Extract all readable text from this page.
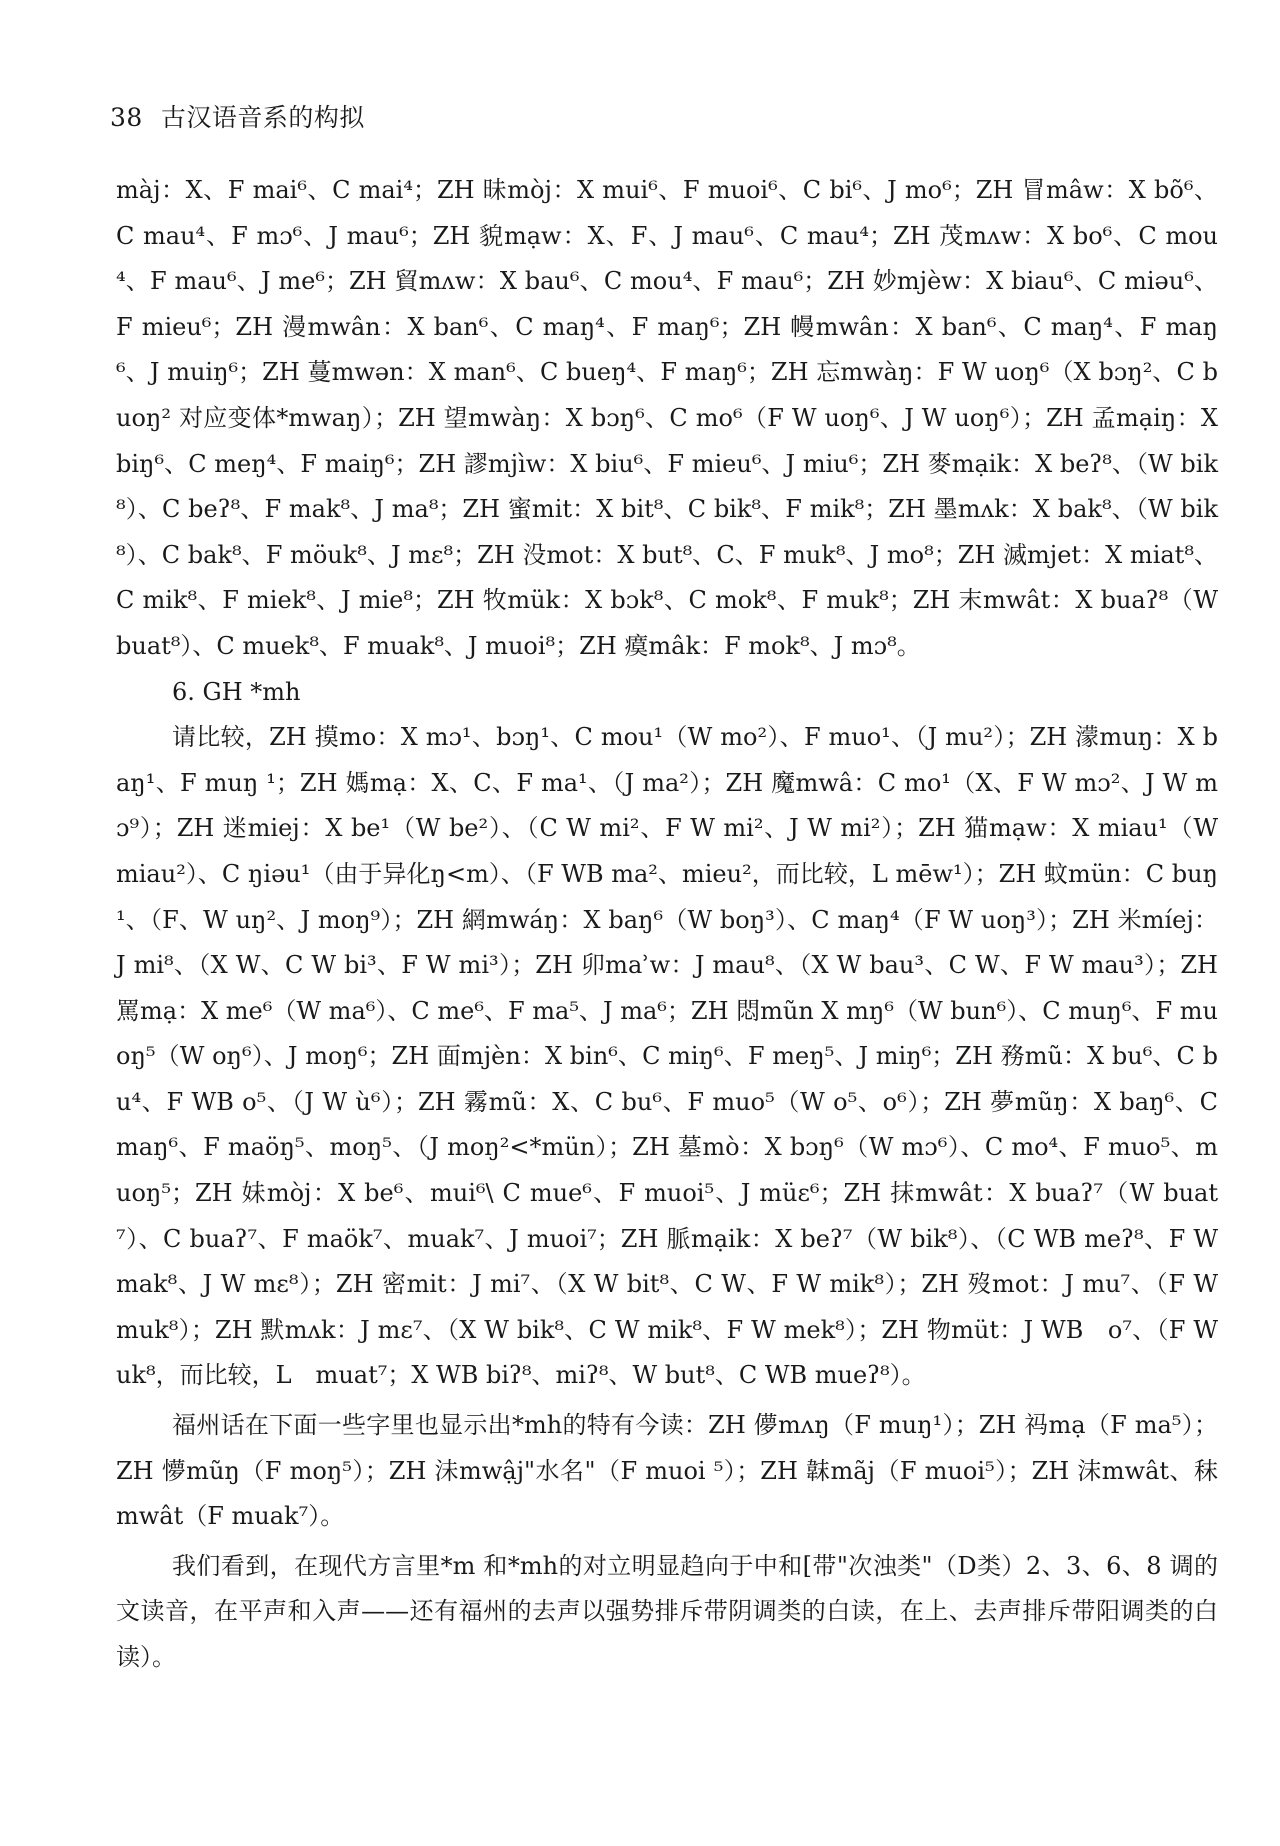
38 古汉语音系的构拟

màj：X、F mai⁶、C mai⁴；ZH 昧mòj：X mui⁶、F muoi⁶、C bi⁶、J mo⁶；ZH 冒mâw：X bõ⁶、C mau⁴、F mɔ⁶、J mau⁶；ZH 貌mạw：X、F、J mau⁶、C mau⁴；ZH 茂mʌw：X bo⁶、C mou⁴、F mau⁶、J me⁶；ZH 貿mʌw：X bau⁶、C mou⁴、F mau⁶；ZH 妙mjèw：X biau⁶、C miəu⁶、F mieu⁶；ZH 漫mwân：X ban⁶、C maŋ⁴、F maŋ⁶；ZH 幔mwân：X ban⁶、C maŋ⁴、F maŋ⁶、J muiŋ⁶；ZH 蔓mwən：X man⁶、C bueŋ⁴、F maŋ⁶；ZH 忘mwàŋ：F W uoŋ⁶（X bɔŋ²、C buoŋ² 对应变体*mwaŋ）；ZH 望mwàŋ：X bɔŋ⁶、C mo⁶（F W uoŋ⁶、J W uoŋ⁶）；ZH 孟mạiŋ：X biŋ⁶、C meŋ⁴、F maiŋ⁶；ZH 謬mjìw：X biu⁶、F mieu⁶、J miu⁶；ZH 麥mạik：X beʔ⁸、（W bik⁸）、C beʔ⁸、F mak⁸、J ma⁸；ZH 蜜mit：X bit⁸、C bik⁸、F mik⁸；ZH 墨mʌk：X bak⁸、（W bik⁸）、C bak⁸、F möuk⁸、J mɛ⁸；ZH 没mot：X but⁸、C、F muk⁸、J mo⁸；ZH 滅mjet：X miat⁸、C mik⁸、F miek⁸、J mie⁸；ZH 牧mük：X bɔk⁸、C mok⁸、F muk⁸；ZH 末mwât：X buaʔ⁸（W buat⁸）、C muek⁸、F muak⁸、J muoi⁸；ZH 瘼mâk：F mok⁸、J mɔ⁸。

6. GH *mh

请比较，ZH 摸mo：X mɔ¹、bɔŋ¹、C mou¹（W mo²）、F muo¹、（J mu²）；ZH 濛muŋ：X baŋ¹、F muŋ ¹；ZH 媽mạ：X、C、F ma¹、（J ma²）；ZH 魔mwâ：C mo¹（X、F W mɔ²、J W mɔ⁹）；ZH 迷miej：X be¹（W be²）、（C W mi²、F W mi²、J W mi²）；ZH 猫mạw：X miau¹（W miau²）、C ŋiəu¹（由于异化ŋ<m）、（F WB ma²、mieu²，而比较，L mēw¹）；ZH 蚊mün：C buŋ¹、（F、W uŋ²、J moŋ⁹）；ZH 網mwáŋ：X baŋ⁶（W boŋ³）、C maŋ⁴（F W uoŋ³）；ZH 米míej：J mi⁸、（X W、C W bi³、F W mi³）；ZH 卯mẚw：J mau⁸、（X W bau³、C W、F W mau³）；ZH 罵mạ：X me⁶（W ma⁶）、C me⁶、F ma⁵、J ma⁶；ZH 悶mũn X mŋ⁶（W bun⁶）、C muŋ⁶、F muoŋ⁵（W oŋ⁶）、J moŋ⁶；ZH 面mjèn：X bin⁶、C miŋ⁶、F meŋ⁵、J miŋ⁶；ZH 務mũ：X bu⁶、C bu⁴、F WB o⁵、（J W ù⁶）；ZH 霧mũ：X、C bu⁶、F muo⁵（W o⁵、o⁶）；ZH 夢mũŋ：X baŋ⁶、C maŋ⁶、F maöŋ⁵、moŋ⁵、（J moŋ²<*mün）；ZH 墓mò：X bɔŋ⁶（W mɔ⁶）、C mo⁴、F muo⁵、muoŋ⁵；ZH 妹mòj：X be⁶、mui⁶\ C mue⁶、F muoi⁵、J müɛ⁶；ZH 抹mwât：X buaʔ⁷（W buat⁷）、C buaʔ⁷、F maök⁷、muak⁷、J muoi⁷；ZH 脈mạik：X beʔ⁷（W bik⁸）、（C WB meʔ⁸、F W mak⁸、J W mɛ⁸）；ZH 密mit：J mi⁷、（X W bit⁸、C W、F W mik⁸）；ZH 歿mot：J mu⁷、（F W muk⁸）；ZH 默mʌk：J mɛ⁷、（X W bik⁸、C W mik⁸、F W mek⁸）；ZH 物müt：J WB　o⁷、（F W uk⁸，而比较，L　muat⁷；X WB biʔ⁸、miʔ⁸、W but⁸、C WB mueʔ⁸）。

福州话在下面一些字里也显示出*mh的特有今读：ZH 儚mʌŋ（F muŋ¹）；ZH 祃mạ（F ma⁵）；ZH 懜mũŋ（F moŋ⁵）；ZH 沬mwậj"水名"（F muoi ⁵）；ZH 韎mãj（F muoi⁵）；ZH 沫mwât、秣mwât（F muak⁷）。

我们看到，在现代方言里*m 和*mh的对立明显趋向于中和[带"次浊类"（D类）2、3、6、8 调的文读音，在平声和入声——还有福州的去声以强势排斥带阴调类的白读，在上、去声排斥带阳调类的白读）。
